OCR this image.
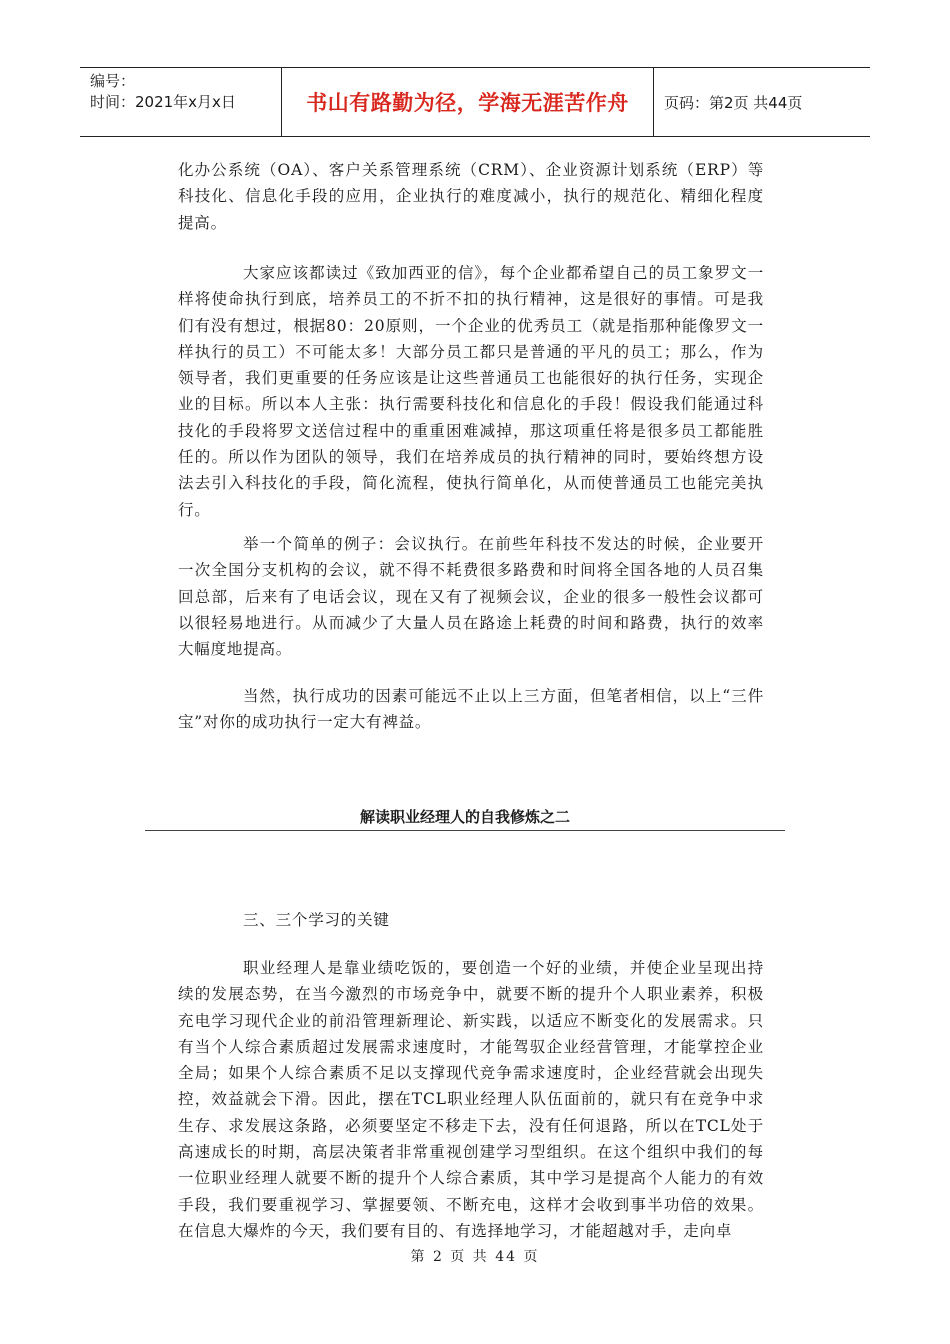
编号：
时间：2021年x月x日	书山有路勤为径，学海无涯苦作舟 页码：第2页 共44页

化办公系统（OA）、客户关系管理系统（CRM）、企业资源计划系统（ERP）等科技化、信息化手段的应用，企业执行的难度减小，执行的规范化、精细化程度提高。

大家应该都读过《致加西亚的信》，每个企业都希望自己的员工象罗文一样将使命执行到底，培养员工的不折不扣的执行精神，这是很好的事情。可是我们有没有想过，根据80：20原则，一个企业的优秀员工（就是指那种能像罗文一样执行的员工）不可能太多！大部分员工都只是普通的平凡的员工；那么，作为领导者，我们更重要的任务应该是让这些普通员工也能很好的执行任务，实现企业的目标。所以本人主张：执行需要科技化和信息化的手段！假设我们能通过科技化的手段将罗文送信过程中的重重困难减掉，那这项重任将是很多员工都能胜任的。所以作为团队的领导，我们在培养成员的执行精神的同时，要始终想方设法去引入科技化的手段，简化流程，使执行简单化，从而使普通员工也能完美执行。

举一个简单的例子：会议执行。在前些年科技不发达的时候，企业要开一次全国分支机构的会议，就不得不耗费很多路费和时间将全国各地的人员召集回总部，后来有了电话会议，现在又有了视频会议，企业的很多一般性会议都可以很轻易地进行。从而减少了大量人员在路途上耗费的时间和路费，执行的效率大幅度地提高。

当然，执行成功的因素可能远不止以上三方面，但笔者相信，以上“三件宝”对你的成功执行一定大有裨益。

解读职业经理人的自我修炼之二
三、三个学习的关键

职业经理人是靠业绩吃饭的，要创造一个好的业绩，并使企业呈现出持续的发展态势，在当今激烈的市场竞争中，就要不断的提升个人职业素养，积极充电学习现代企业的前沿管理新理论、新实践，以适应不断变化的发展需求。只有当个人综合素质超过发展需求速度时，才能驾驭企业经营管理，才能掌控企业全局；如果个人综合素质不足以支撑现代竞争需求速度时，企业经营就会出现失控，效益就会下滑。因此，摆在TCL职业经理人队伍面前的，就只有在竞争中求生存、求发展这条路，必须要坚定不移走下去，没有任何退路，所以在TCL处于高速成长的时期，高层决策者非常重视创建学习型组织。在这个组织中我们的每一位职业经理人就要不断的提升个人综合素质，其中学习是提高个人能力的有效手段，我们要重视学习、掌握要领、不断充电，这样才会收到事半功倍的效果。在信息大爆炸的今天，我们要有目的、有选择地学习，才能超越对手，走向卓

第 2 页 共 44 页
